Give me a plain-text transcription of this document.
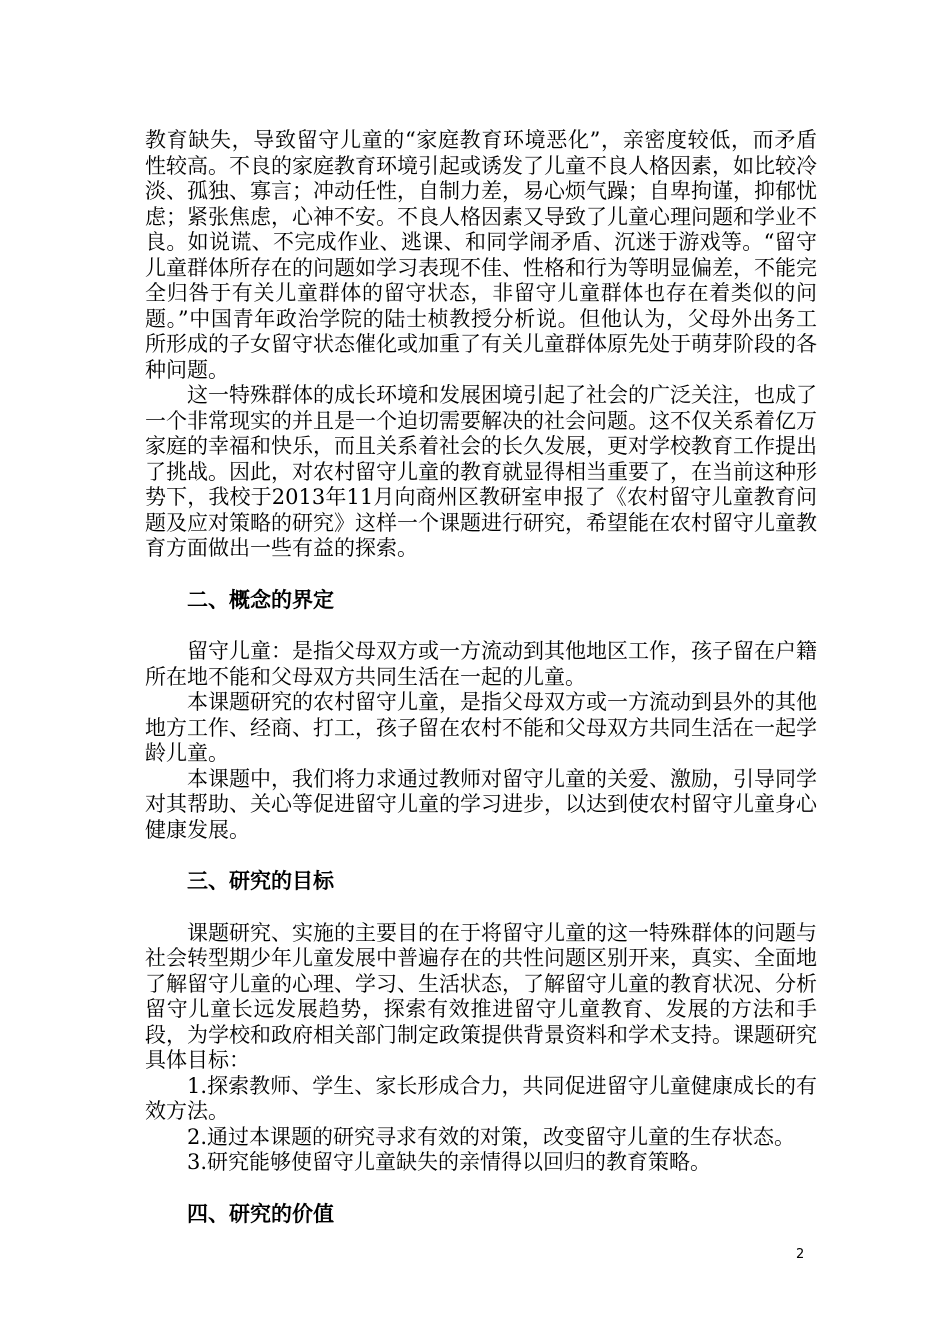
教育缺失，导致留守儿童的“家庭教育环境恶化”，亲密度较低，而矛盾性较高。不良的家庭教育环境引起或诱发了儿童不良人格因素，如比较冷淡、孤独、寡言；冲动任性，自制力差，易心烦气躁；自卑拘谨，抑郁忧虑；紧张焦虑，心神不安。不良人格因素又导致了儿童心理问题和学业不良。如说谎、不完成作业、逃课、和同学闹矛盾、沉迷于游戏等。“留守儿童群体所存在的问题如学习表现不佳、性格和行为等明显偏差，不能完全归咎于有关儿童群体的留守状态，非留守儿童群体也存在着类似的问题。”中国青年政治学院的陆士桢教授分析说。但他认为，父母外出务工所形成的子女留守状态催化或加重了有关儿童群体原先处于萌芽阶段的各种问题。

这一特殊群体的成长环境和发展困境引起了社会的广泛关注，也成了一个非常现实的并且是一个迫切需要解决的社会问题。这不仅关系着亿万家庭的幸福和快乐，而且关系着社会的长久发展，更对学校教育工作提出了挑战。因此，对农村留守儿童的教育就显得相当重要了，在当前这种形势下，我校于2013年11月向商州区教研室申报了《农村留守儿童教育问题及应对策略的研究》这样一个课题进行研究，希望能在农村留守儿童教育方面做出一些有益的探索。

二、概念的界定

留守儿童：是指父母双方或一方流动到其他地区工作，孩子留在户籍所在地不能和父母双方共同生活在一起的儿童。

本课题研究的农村留守儿童，是指父母双方或一方流动到县外的其他地方工作、经商、打工，孩子留在农村不能和父母双方共同生活在一起学龄儿童。

本课题中，我们将力求通过教师对留守儿童的关爱、激励，引导同学对其帮助、关心等促进留守儿童的学习进步，以达到使农村留守儿童身心健康发展。

三、研究的目标

课题研究、实施的主要目的在于将留守儿童的这一特殊群体的问题与社会转型期少年儿童发展中普遍存在的共性问题区别开来，真实、全面地了解留守儿童的心理、学习、生活状态，了解留守儿童的教育状况、分析留守儿童长远发展趋势，探索有效推进留守儿童教育、发展的方法和手段，为学校和政府相关部门制定政策提供背景资料和学术支持。课题研究具体目标：

1.探索教师、学生、家长形成合力，共同促进留守儿童健康成长的有效方法。

2.通过本课题的研究寻求有效的对策，改变留守儿童的生存状态。

3.研究能够使留守儿童缺失的亲情得以回归的教育策略。

四、研究的价值
2
